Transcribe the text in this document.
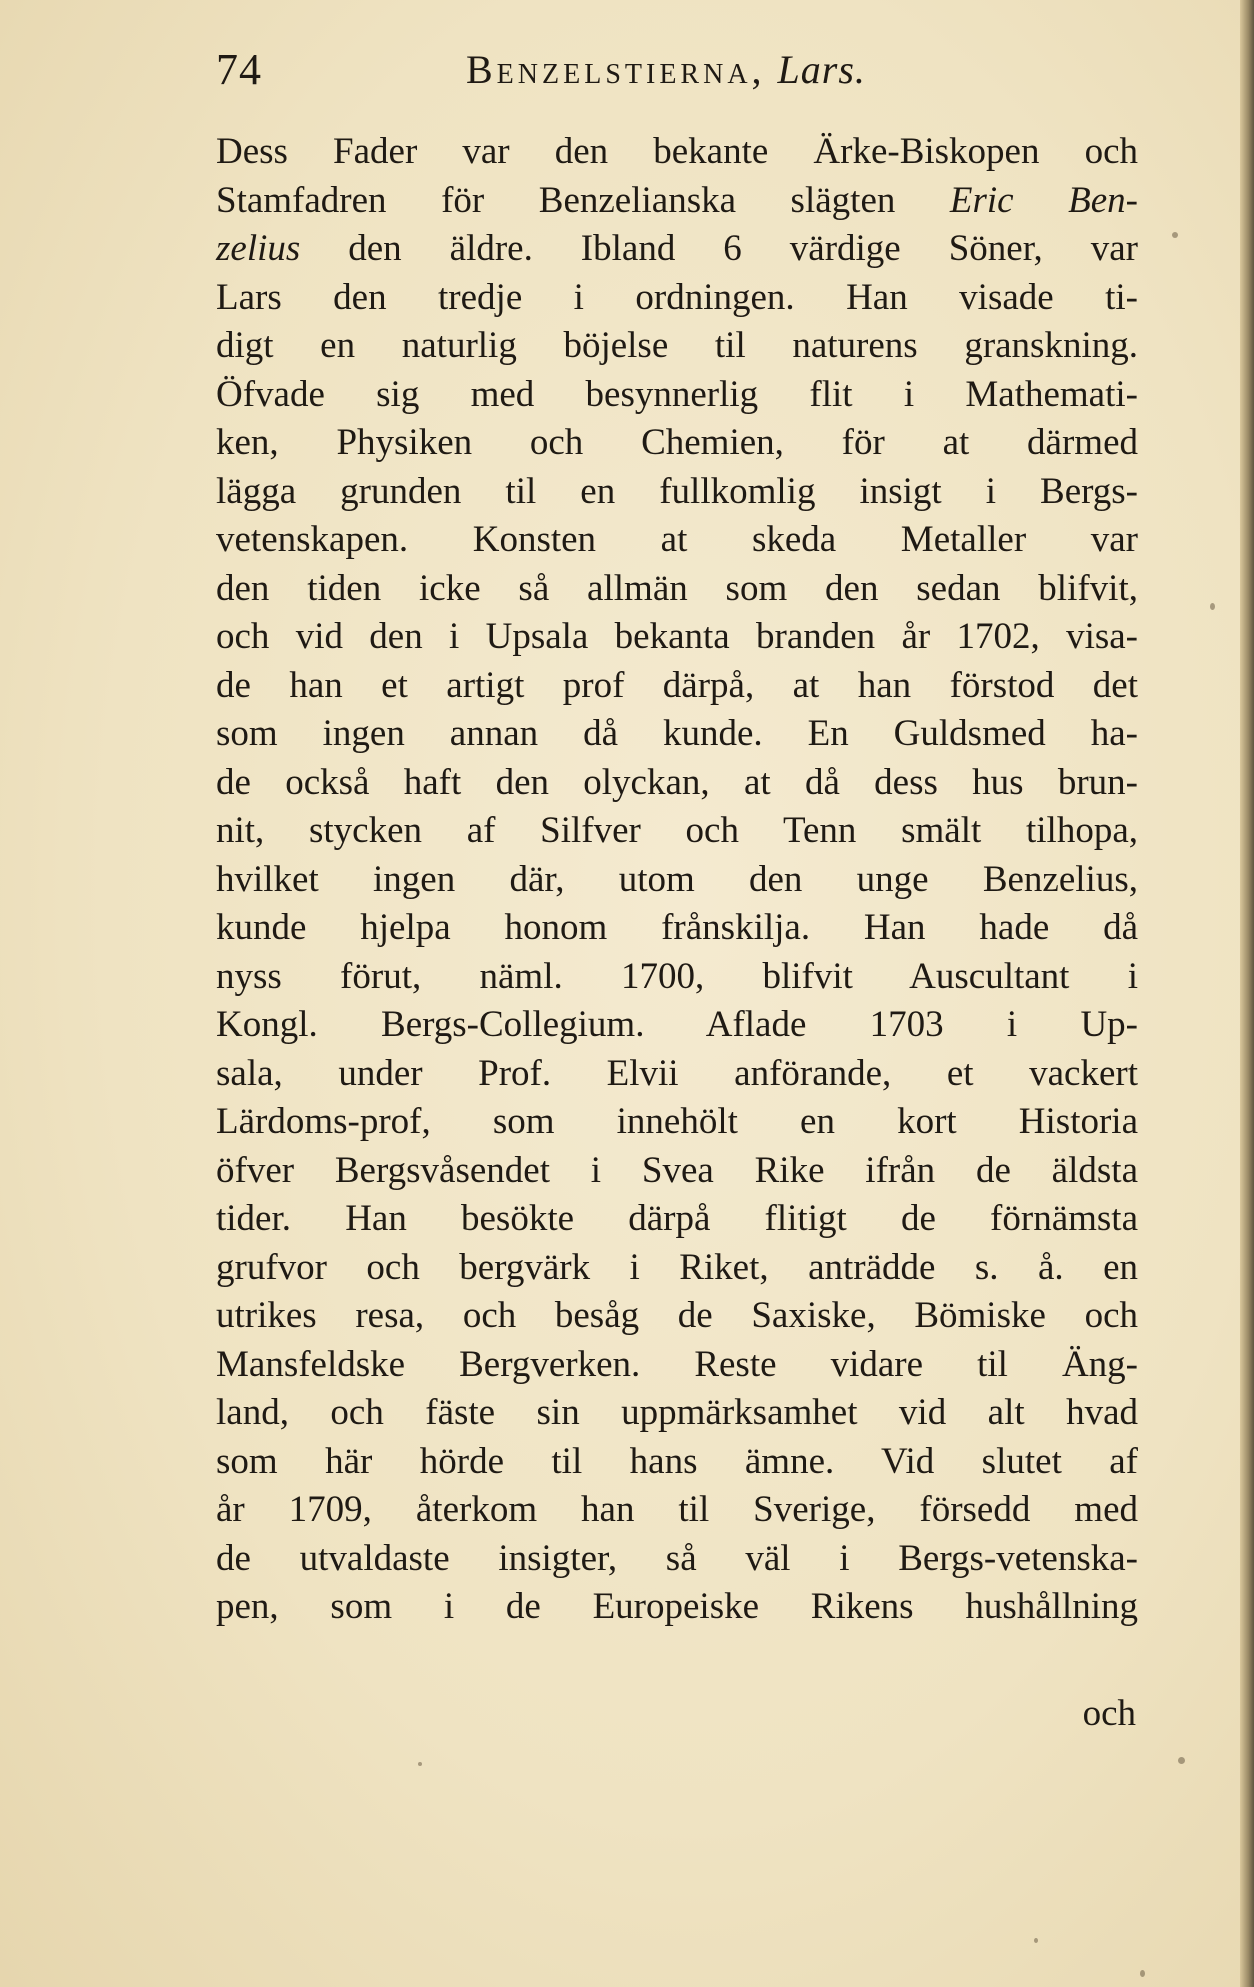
74	Benzelstierna, Lars.
Dess Fader var den bekante Ärke-Biskopen och
Stamfadren för Benzelianska slägten Eric Ben-
zelius den äldre. Ibland 6 värdige Söner, var
Lars den tredje i ordningen. Han visade ti-
digt en naturlig böjelse til naturens granskning.
Öfvade sig med besynnerlig flit i Mathemati-
ken, Physiken och Chemien, för at därmed
lägga grunden til en fullkomlig insigt i Bergs-
vetenskapen. Konsten at skeda Metaller var
den tiden icke så allmän som den sedan blifvit,
och vid den i Upsala bekanta branden år 1702, visa-
de han et artigt prof därpå, at han förstod det
som ingen annan då kunde. En Guldsmed ha-
de också haft den olyckan, at då dess hus brun-
nit, stycken af Silfver och Tenn smält tilhopa,
hvilket ingen där, utom den unge Benzelius,
kunde hjelpa honom frånskilja. Han hade då
nyss förut, näml. 1700, blifvit Auscultant i
Kongl. Bergs-Collegium. Aflade 1703 i Up-
sala, under Prof. Elvii anförande, et vackert
Lärdoms-prof, som innehölt en kort Historia
öfver Bergsvåsendet i Svea Rike ifrån de äldsta
tider. Han besökte därpå flitigt de förnämsta
grufvor och bergvärk i Riket, anträdde s. å. en
utrikes resa, och besåg de Saxiske, Bömiske och
Mansfeldske Bergverken. Reste vidare til Äng-
land, och fäste sin uppmärksamhet vid alt hvad
som här hörde til hans ämne. Vid slutet af
år 1709, återkom han til Sverige, försedd med
de utvaldaste insigter, så väl i Bergs-vetenska-
pen, som i de Europeiske Rikens hushållning
och
